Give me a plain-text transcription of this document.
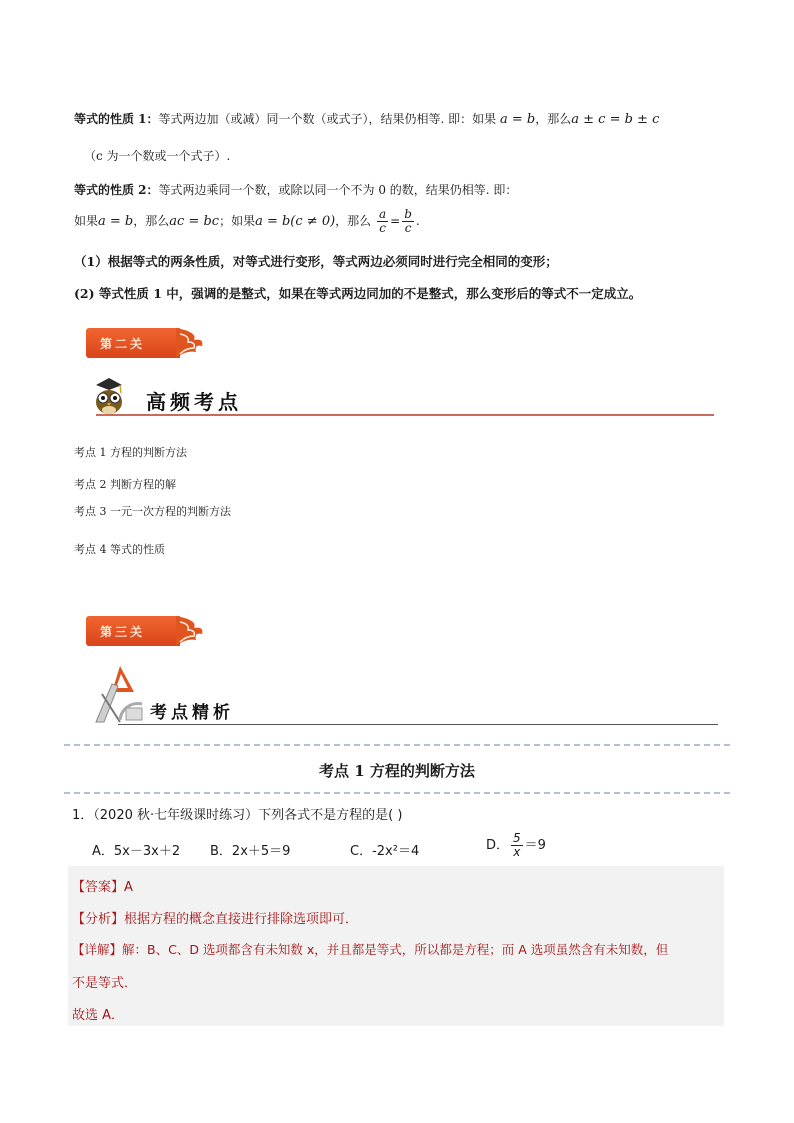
等式的性质 1：等式两边加（或减）同一个数（或式子），结果仍相等. 即：如果 a = b，那么a ± c = b ± c
（c 为一个数或一个式子）.
等式的性质 2：等式两边乘同一个数，或除以同一个不为 0 的数，结果仍相等. 即：
如果a = b，那么ac = bc；如果a = b(c ≠ 0)，那么 $\frac{a}{c} = \frac{b}{c}$ .
（1）根据等式的两条性质，对等式进行变形，等式两边必须同时进行完全相同的变形；
(2) 等式性质 1 中，强调的是整式，如果在等式两边同加的不是整式，那么变形后的等式不一定成立。
第二关
高频考点
考点 1 方程的判断方法
考点 2 判断方程的解
考点 3 一元一次方程的判断方法
考点 4 等式的性质
第三关
考点精析
考点 1 方程的判断方法
1．（2020 秋·七年级课时练习）下列各式不是方程的是( )
A．5x－3x＋2 B．2x＋5＝9	C．-2x²＝4	D． $\frac{5}{x} =9$
【答案】A
【分析】根据方程的概念直接进行排除选项即可．
【详解】解：B、C、D 选项都含有未知数 x，并且都是等式，所以都是方程；而 A 选项虽然含有未知数，但
不是等式．
故选 A．
